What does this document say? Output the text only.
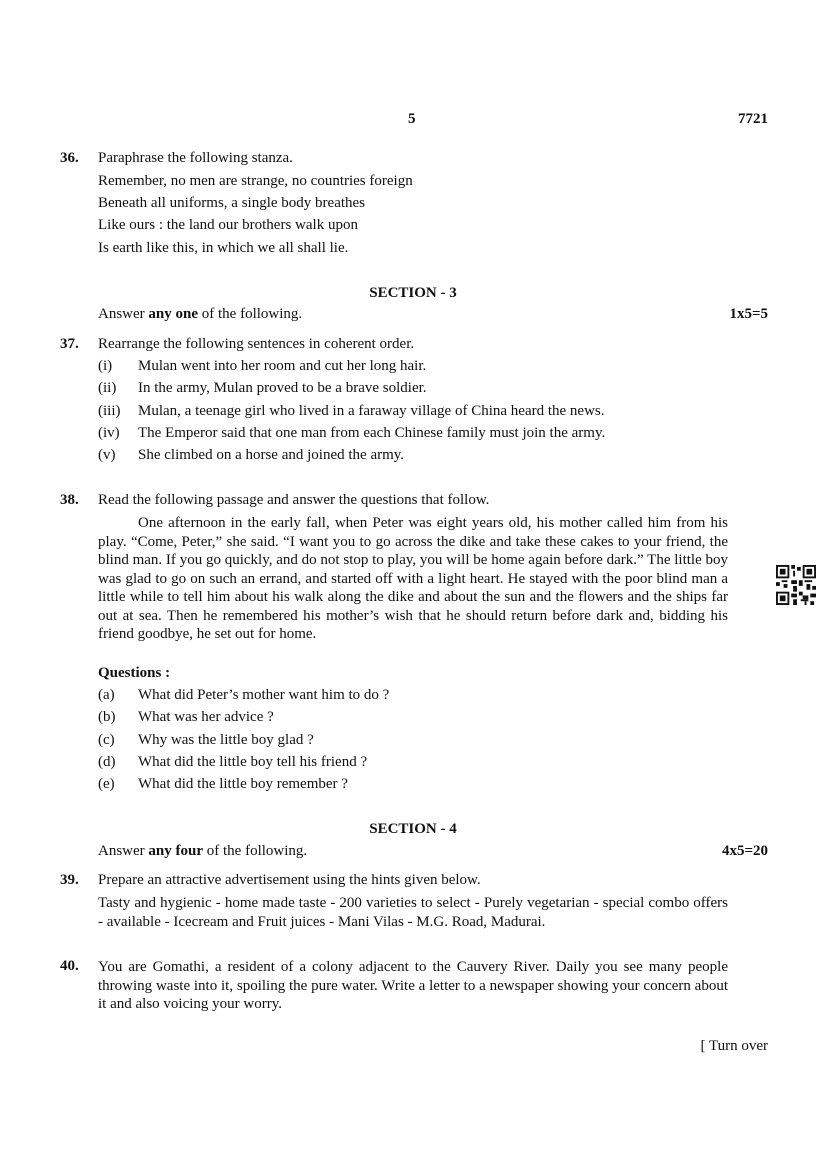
5	7721
36. Paraphrase the following stanza.
Remember, no men are strange, no countries foreign
Beneath all uniforms, a single body breathes
Like ours : the land our brothers walk upon
Is earth like this, in which we all shall lie.
SECTION - 3
Answer any one of the following.	1x5=5
37. Rearrange the following sentences in coherent order.
(i) Mulan went into her room and cut her long hair.
(ii) In the army, Mulan proved to be a brave soldier.
(iii) Mulan, a teenage girl who lived in a faraway village of China heard the news.
(iv) The Emperor said that one man from each Chinese family must join the army.
(v) She climbed on a horse and joined the army.
38. Read the following passage and answer the questions that follow.
One afternoon in the early fall, when Peter was eight years old, his mother called him from his play. “Come, Peter,” she said. “I want you to go across the dike and take these cakes to your friend, the blind man. If you go quickly, and do not stop to play, you will be home again before dark.” The little boy was glad to go on such an errand, and started off with a light heart. He stayed with the poor blind man a little while to tell him about his walk along the dike and about the sun and the flowers and the ships far out at sea. Then he remembered his mother’s wish that he should return before dark and, bidding his friend goodbye, he set out for home.
Questions :
(a) What did Peter’s mother want him to do ?
(b) What was her advice ?
(c) Why was the little boy glad ?
(d) What did the little boy tell his friend ?
(e) What did the little boy remember ?
SECTION - 4
Answer any four of the following.	4x5=20
39. Prepare an attractive advertisement using the hints given below.
Tasty and hygienic - home made taste - 200 varieties to select - Purely vegetarian - special combo offers - available - Icecream and Fruit juices - Mani Vilas - M.G. Road, Madurai.
40. You are Gomathi, a resident of a colony adjacent to the Cauvery River. Daily you see many people throwing waste into it, spoiling the pure water. Write a letter to a newspaper showing your concern about it and also voicing your worry.
[ Turn over
